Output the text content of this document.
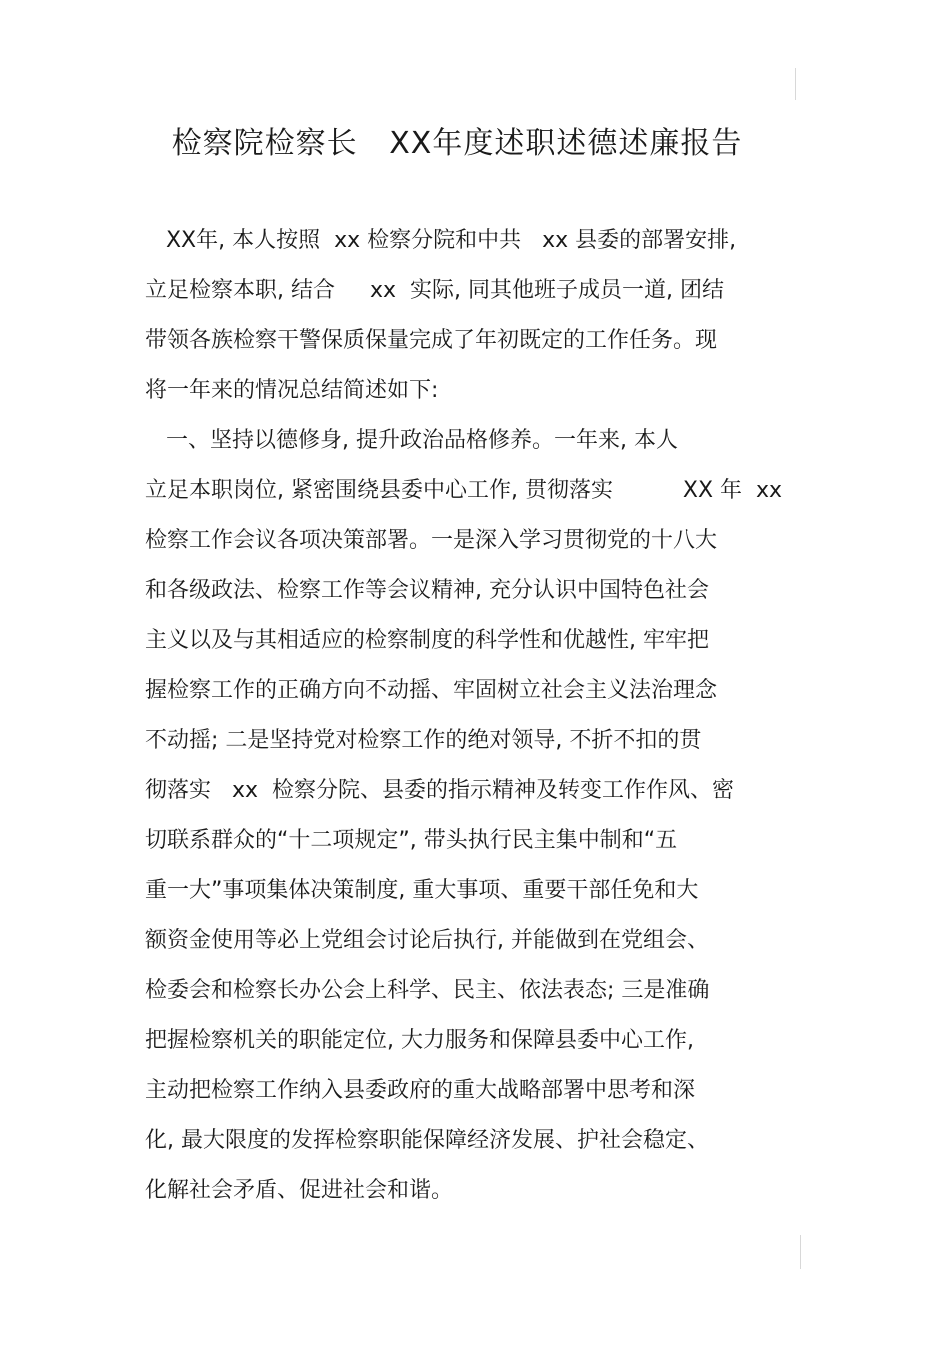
检察院检察长   XX年度述职述德述廉报告
XX年, 本人按照  xx 检察分院和中共   xx 县委的部署安排,
立足检察本职, 结合     xx  实际, 同其他班子成员一道, 团结
带领各族检察干警保质保量完成了年初既定的工作任务。现
将一年来的情况总结简述如下:
一、坚持以德修身, 提升政治品格修养。一年来, 本人
立足本职岗位, 紧密围绕县委中心工作, 贯彻落实          XX 年  xx
检察工作会议各项决策部署。一是深入学习贯彻党的十八大
和各级政法、检察工作等会议精神, 充分认识中国特色社会
主义以及与其相适应的检察制度的科学性和优越性, 牢牢把
握检察工作的正确方向不动摇、牢固树立社会主义法治理念
不动摇; 二是坚持党对检察工作的绝对领导, 不折不扣的贯
彻落实   xx  检察分院、县委的指示精神及转变工作作风、密
切联系群众的“十二项规定”, 带头执行民主集中制和“五
重一大”事项集体决策制度, 重大事项、重要干部任免和大
额资金使用等必上党组会讨论后执行, 并能做到在党组会、
检委会和检察长办公会上科学、民主、依法表态; 三是准确
把握检察机关的职能定位, 大力服务和保障县委中心工作,
主动把检察工作纳入县委政府的重大战略部署中思考和深
化, 最大限度的发挥检察职能保障经济发展、护社会稳定、
化解社会矛盾、促进社会和谐。
